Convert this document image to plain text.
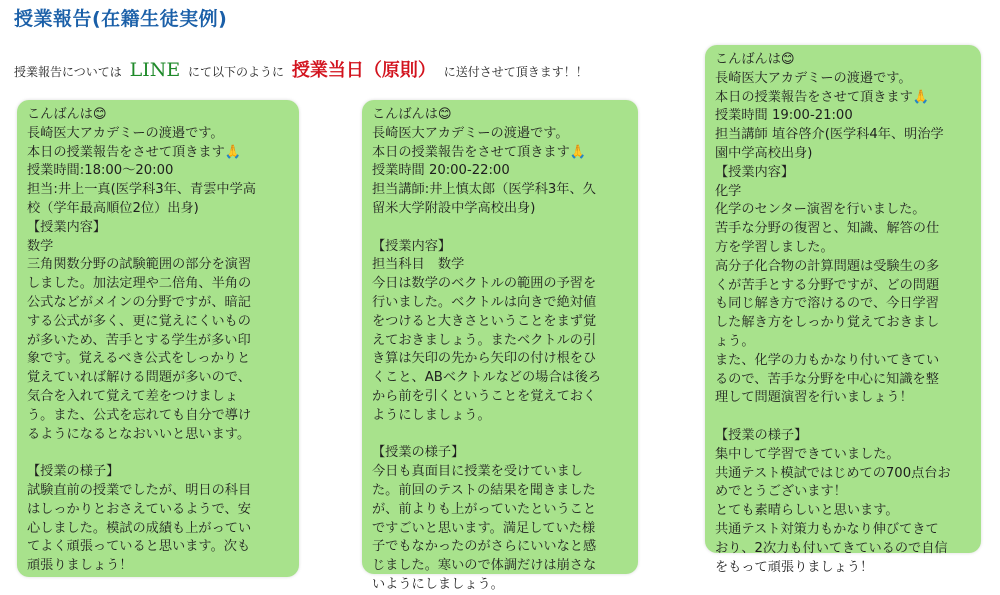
授業報告(在籍生徒実例)
授業報告については LINE にて以下のように 授業当日（原則） に送付させて頂きます！！
こんばんは😊
長崎医大アカデミーの渡邉です。
本日の授業報告をさせて頂きます🙏
授業時間:18:00〜20:00
担当:井上一真(医学科3年、青雲中学高
校（学年最高順位2位）出身)
【授業内容】
数学
三角関数分野の試験範囲の部分を演習
しました。加法定理や二倍角、半角の
公式などがメインの分野ですが、暗記
する公式が多く、更に覚えにくいもの
が多いため、苦手とする学生が多い印
象です。覚えるべき公式をしっかりと
覚えていれば解ける問題が多いので、
気合を入れて覚えて差をつけましょ
う。また、公式を忘れても自分で導け
るようになるとなおいいと思います。
【授業の様子】
試験直前の授業でしたが、明日の科目
はしっかりとおさえているようで、安
心しました。模試の成績も上がってい
てよく頑張っていると思います。次も
頑張りましょう！
こんばんは😊
長崎医大アカデミーの渡邉です。
本日の授業報告をさせて頂きます🙏
授業時間 20:00-22:00
担当講師:井上慎太郎（医学科3年、久
留米大学附設中学高校出身)
【授業内容】
担当科目　数学
今日は数学のベクトルの範囲の予習を
行いました。ベクトルは向きで絶対値
をつけると大きさということをまず覚
えておきましょう。またベクトルの引
き算は矢印の先から矢印の付け根をひ
くこと、ABベクトルなどの場合は後ろ
から前を引くということを覚えておく
ようにしましょう。
【授業の様子】
今日も真面目に授業を受けていまし
た。前回のテストの結果を聞きました
が、前よりも上がっていたということ
ですごいと思います。満足していた様
子でもなかったのがさらにいいなと感
じました。寒いので体調だけは崩さな
いようにしましょう。
こんばんは😊
長崎医大アカデミーの渡邉です。
本日の授業報告をさせて頂きます🙏
授業時間 19:00-21:00
担当講師 埴谷啓介(医学科4年、明治学
園中学高校出身)
【授業内容】
化学
化学のセンター演習を行いました。
苦手な分野の復習と、知識、解答の仕
方を学習しました。
高分子化合物の計算問題は受験生の多
くが苦手とする分野ですが、どの問題
も同じ解き方で溶けるので、今日学習
した解き方をしっかり覚えておきまし
ょう。
また、化学の力もかなり付いてきてい
るので、苦手な分野を中心に知識を整
理して問題演習を行いましょう！
【授業の様子】
集中して学習できていました。
共通テスト模試ではじめての700点台お
めでとうございます！
とても素晴らしいと思います。
共通テスト対策力もかなり伸びてきて
おり、2次力も付いてきているので自信
をもって頑張りましょう！
